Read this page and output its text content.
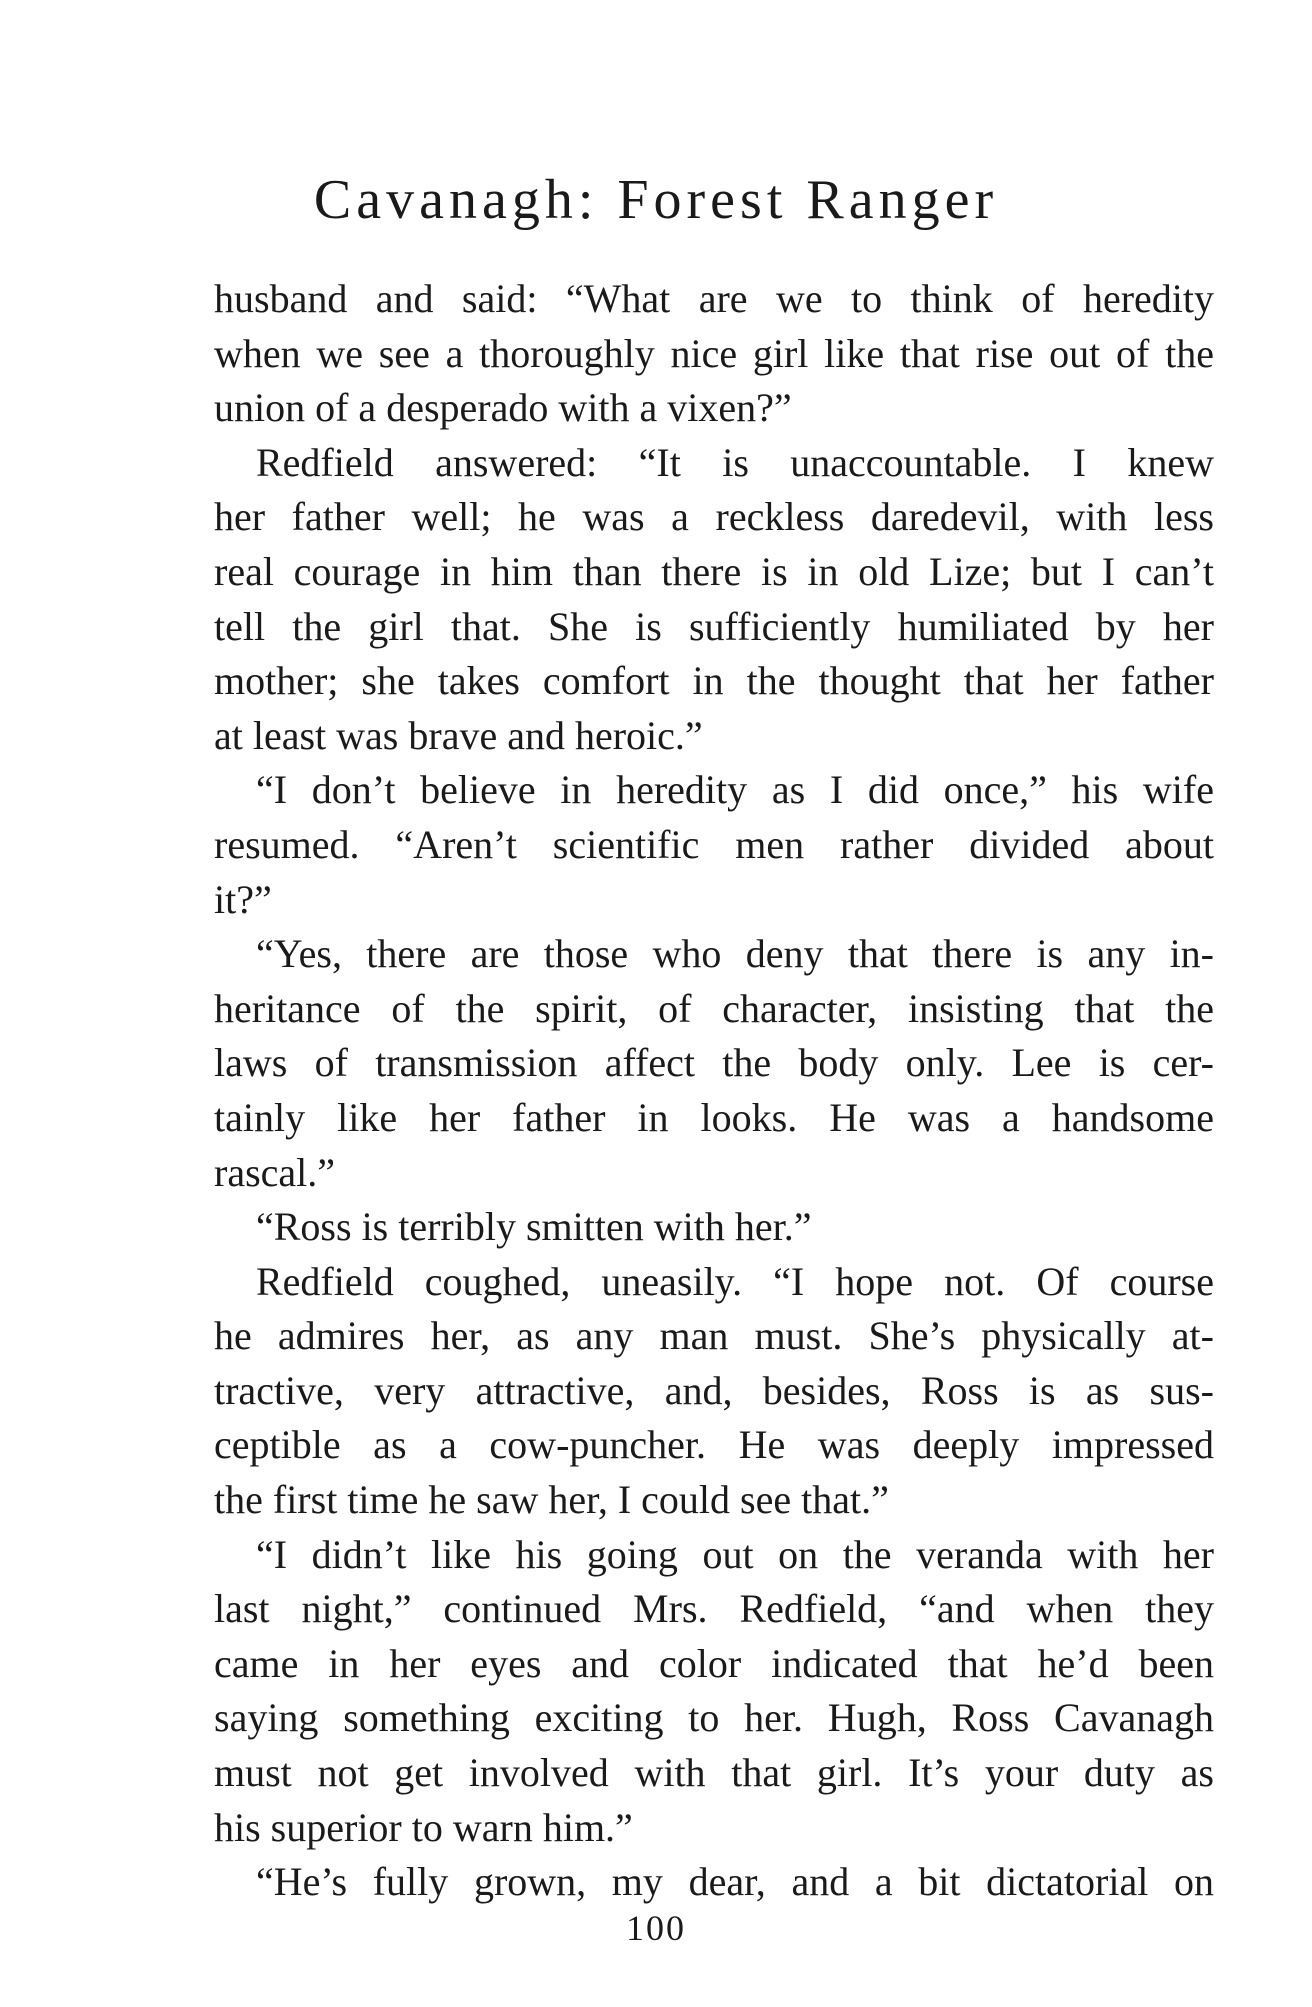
Cavanagh: Forest Ranger
husband and said: “What are we to think of heredity
when we see a thoroughly nice girl like that rise out of the
union of a desperado with a vixen?”
Redfield answered: “It is unaccountable. I knew
her father well; he was a reckless daredevil, with less
real courage in him than there is in old Lize; but I can’t
tell the girl that. She is sufficiently humiliated by her
mother; she takes comfort in the thought that her father
at least was brave and heroic.”
“I don’t believe in heredity as I did once,” his wife
resumed. “Aren’t scientific men rather divided about
it?”
“Yes, there are those who deny that there is any in-
heritance of the spirit, of character, insisting that the
laws of transmission affect the body only. Lee is cer-
tainly like her father in looks. He was a handsome
rascal.”
“Ross is terribly smitten with her.”
Redfield coughed, uneasily. “I hope not. Of course
he admires her, as any man must. She’s physically at-
tractive, very attractive, and, besides, Ross is as sus-
ceptible as a cow-puncher. He was deeply impressed
the first time he saw her, I could see that.”
“I didn’t like his going out on the veranda with her
last night,” continued Mrs. Redfield, “and when they
came in her eyes and color indicated that he’d been
saying something exciting to her. Hugh, Ross Cavanagh
must not get involved with that girl. It’s your duty as
his superior to warn him.”
“He’s fully grown, my dear, and a bit dictatorial on
100
